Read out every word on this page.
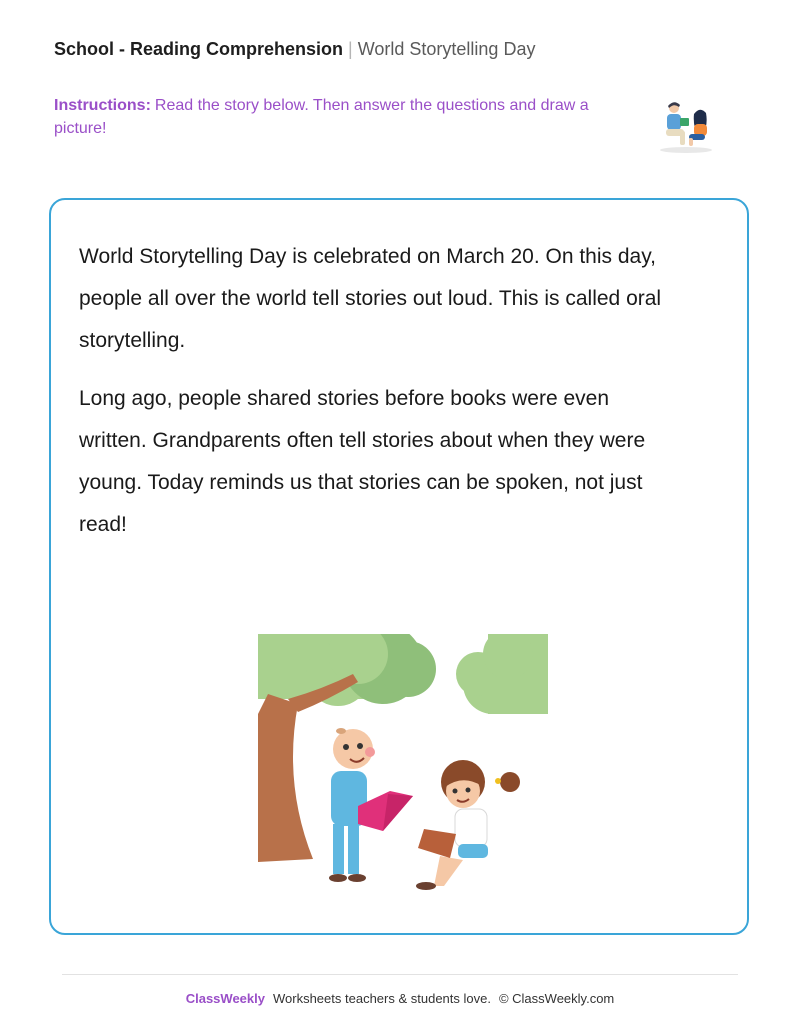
School - Reading Comprehension | World Storytelling Day
Instructions: Read the story below. Then answer the questions and draw a picture!

World Storytelling Day is celebrated on March 20. On this day, people all over the world tell stories out loud. This is called oral storytelling.

Long ago, people shared stories before books were even written. Grandparents often tell stories about when they were young. Today reminds us that stories can be spoken, not just read!

ClassWeekly Worksheets teachers & students love. © ClassWeekly.com
